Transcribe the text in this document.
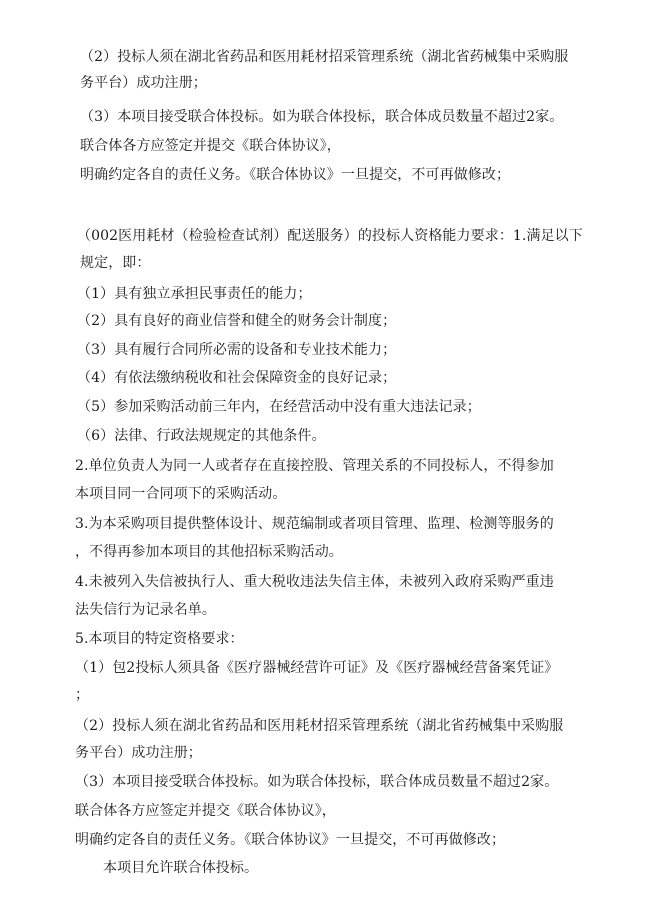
（2）投标人须在湖北省药品和医用耗材招采管理系统（湖北省药械集中采购服
务平台）成功注册；
（3）本项目接受联合体投标。如为联合体投标，联合体成员数量不超过2家。
联合体各方应签定并提交《联合体协议》，
明确约定各自的责任义务。《联合体协议》一旦提交，不可再做修改；
（002医用耗材（检验检查试剂）配送服务）的投标人资格能力要求：1.满足以下
规定，即：
（1）具有独立承担民事责任的能力；
（2）具有良好的商业信誉和健全的财务会计制度；
（3）具有履行合同所必需的设备和专业技术能力；
（4）有依法缴纳税收和社会保障资金的良好记录；
（5）参加采购活动前三年内，在经营活动中没有重大违法记录；
（6）法律、行政法规规定的其他条件。
2.单位负责人为同一人或者存在直接控股、管理关系的不同投标人，不得参加
本项目同一合同项下的采购活动。
3.为本采购项目提供整体设计、规范编制或者项目管理、监理、检测等服务的
，不得再参加本项目的其他招标采购活动。
4.未被列入失信被执行人、重大税收违法失信主体，未被列入政府采购严重违
法失信行为记录名单。
5.本项目的特定资格要求：
（1）包2投标人须具备《医疗器械经营许可证》及《医疗器械经营备案凭证》
；
（2）投标人须在湖北省药品和医用耗材招采管理系统（湖北省药械集中采购服
务平台）成功注册；
（3）本项目接受联合体投标。如为联合体投标，联合体成员数量不超过2家。
联合体各方应签定并提交《联合体协议》，
明确约定各自的责任义务。《联合体协议》一旦提交，不可再做修改；
本项目允许联合体投标。
